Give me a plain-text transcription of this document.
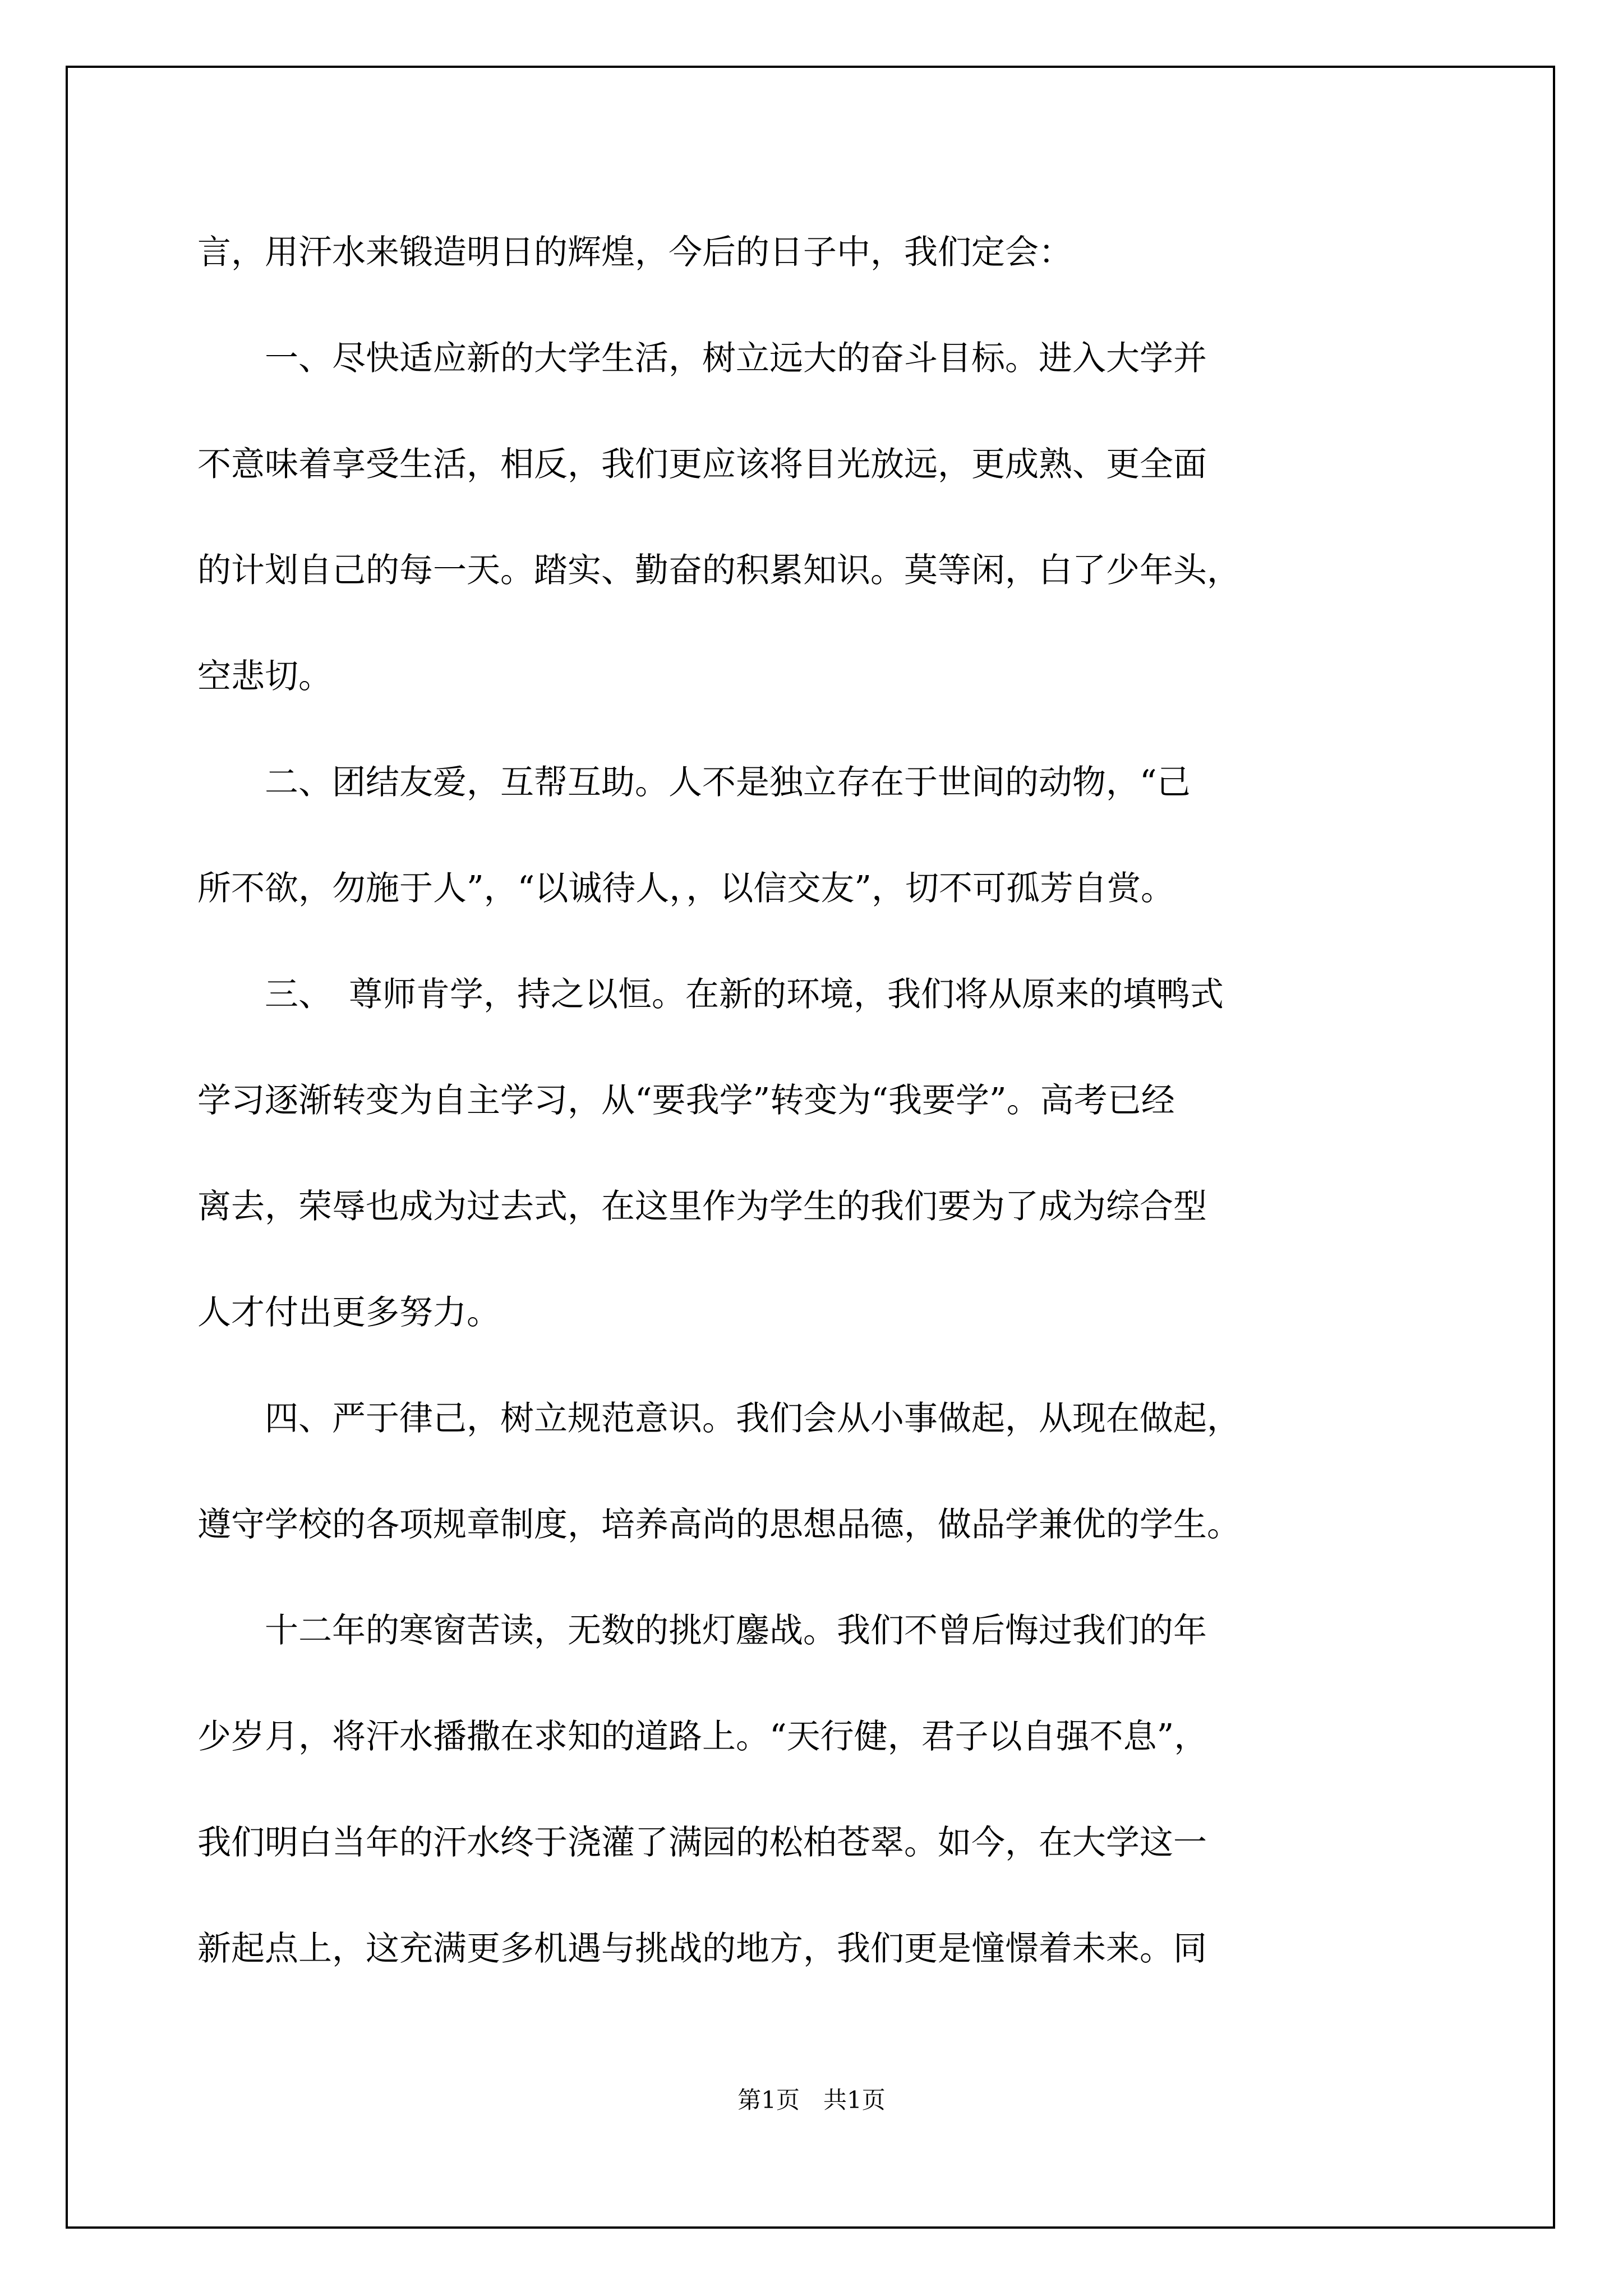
言，用汗水来锻造明日的辉煌，今后的日子中，我们定会：
　　一、尽快适应新的大学生活，树立远大的奋斗目标。进入大学并
不意味着享受生活，相反，我们更应该将目光放远，更成熟、更全面
的计划自己的每一天。踏实、勤奋的积累知识。莫等闲，白了少年头，
空悲切。
　　二、团结友爱，互帮互助。人不是独立存在于世间的动物，“己
所不欲，勿施于人”，“以诚待人，，以信交友”，切不可孤芳自赏。
　　三、　尊师肯学，持之以恒。在新的环境，我们将从原来的填鸭式
学习逐渐转变为自主学习，从“要我学”转变为“我要学”。高考已经
离去，荣辱也成为过去式，在这里作为学生的我们要为了成为综合型
人才付出更多努力。
　　四、严于律己，树立规范意识。我们会从小事做起，从现在做起，
遵守学校的各项规章制度，培养高尚的思想品德，做品学兼优的学生。
　　十二年的寒窗苦读，无数的挑灯鏖战。我们不曾后悔过我们的年
少岁月，将汗水播撒在求知的道路上。“天行健，君子以自强不息”，
我们明白当年的汗水终于浇灌了满园的松柏苍翠。如今，在大学这一
新起点上，这充满更多机遇与挑战的地方，我们更是憧憬着未来。同
第1页　共1页
